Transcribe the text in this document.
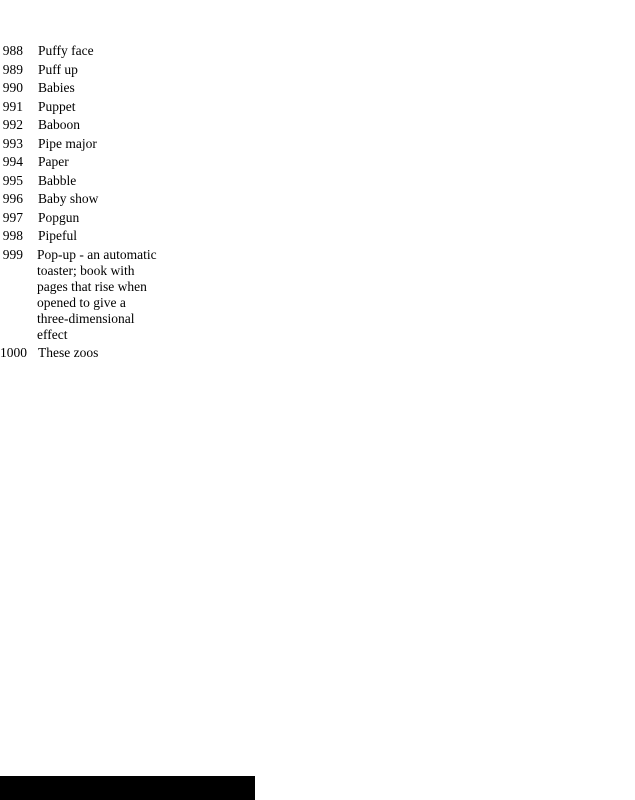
988	Puffy face
989	Puff up
990	Babies
991	Puppet
992	Baboon
993	Pipe major
994	Paper
995	Babble
996	Baby show
997	Popgun
998	Pipeful
999	Pop-up - an automatic toaster; book with pages that rise when opened to give a three-dimensional effect
1000 These zoos
